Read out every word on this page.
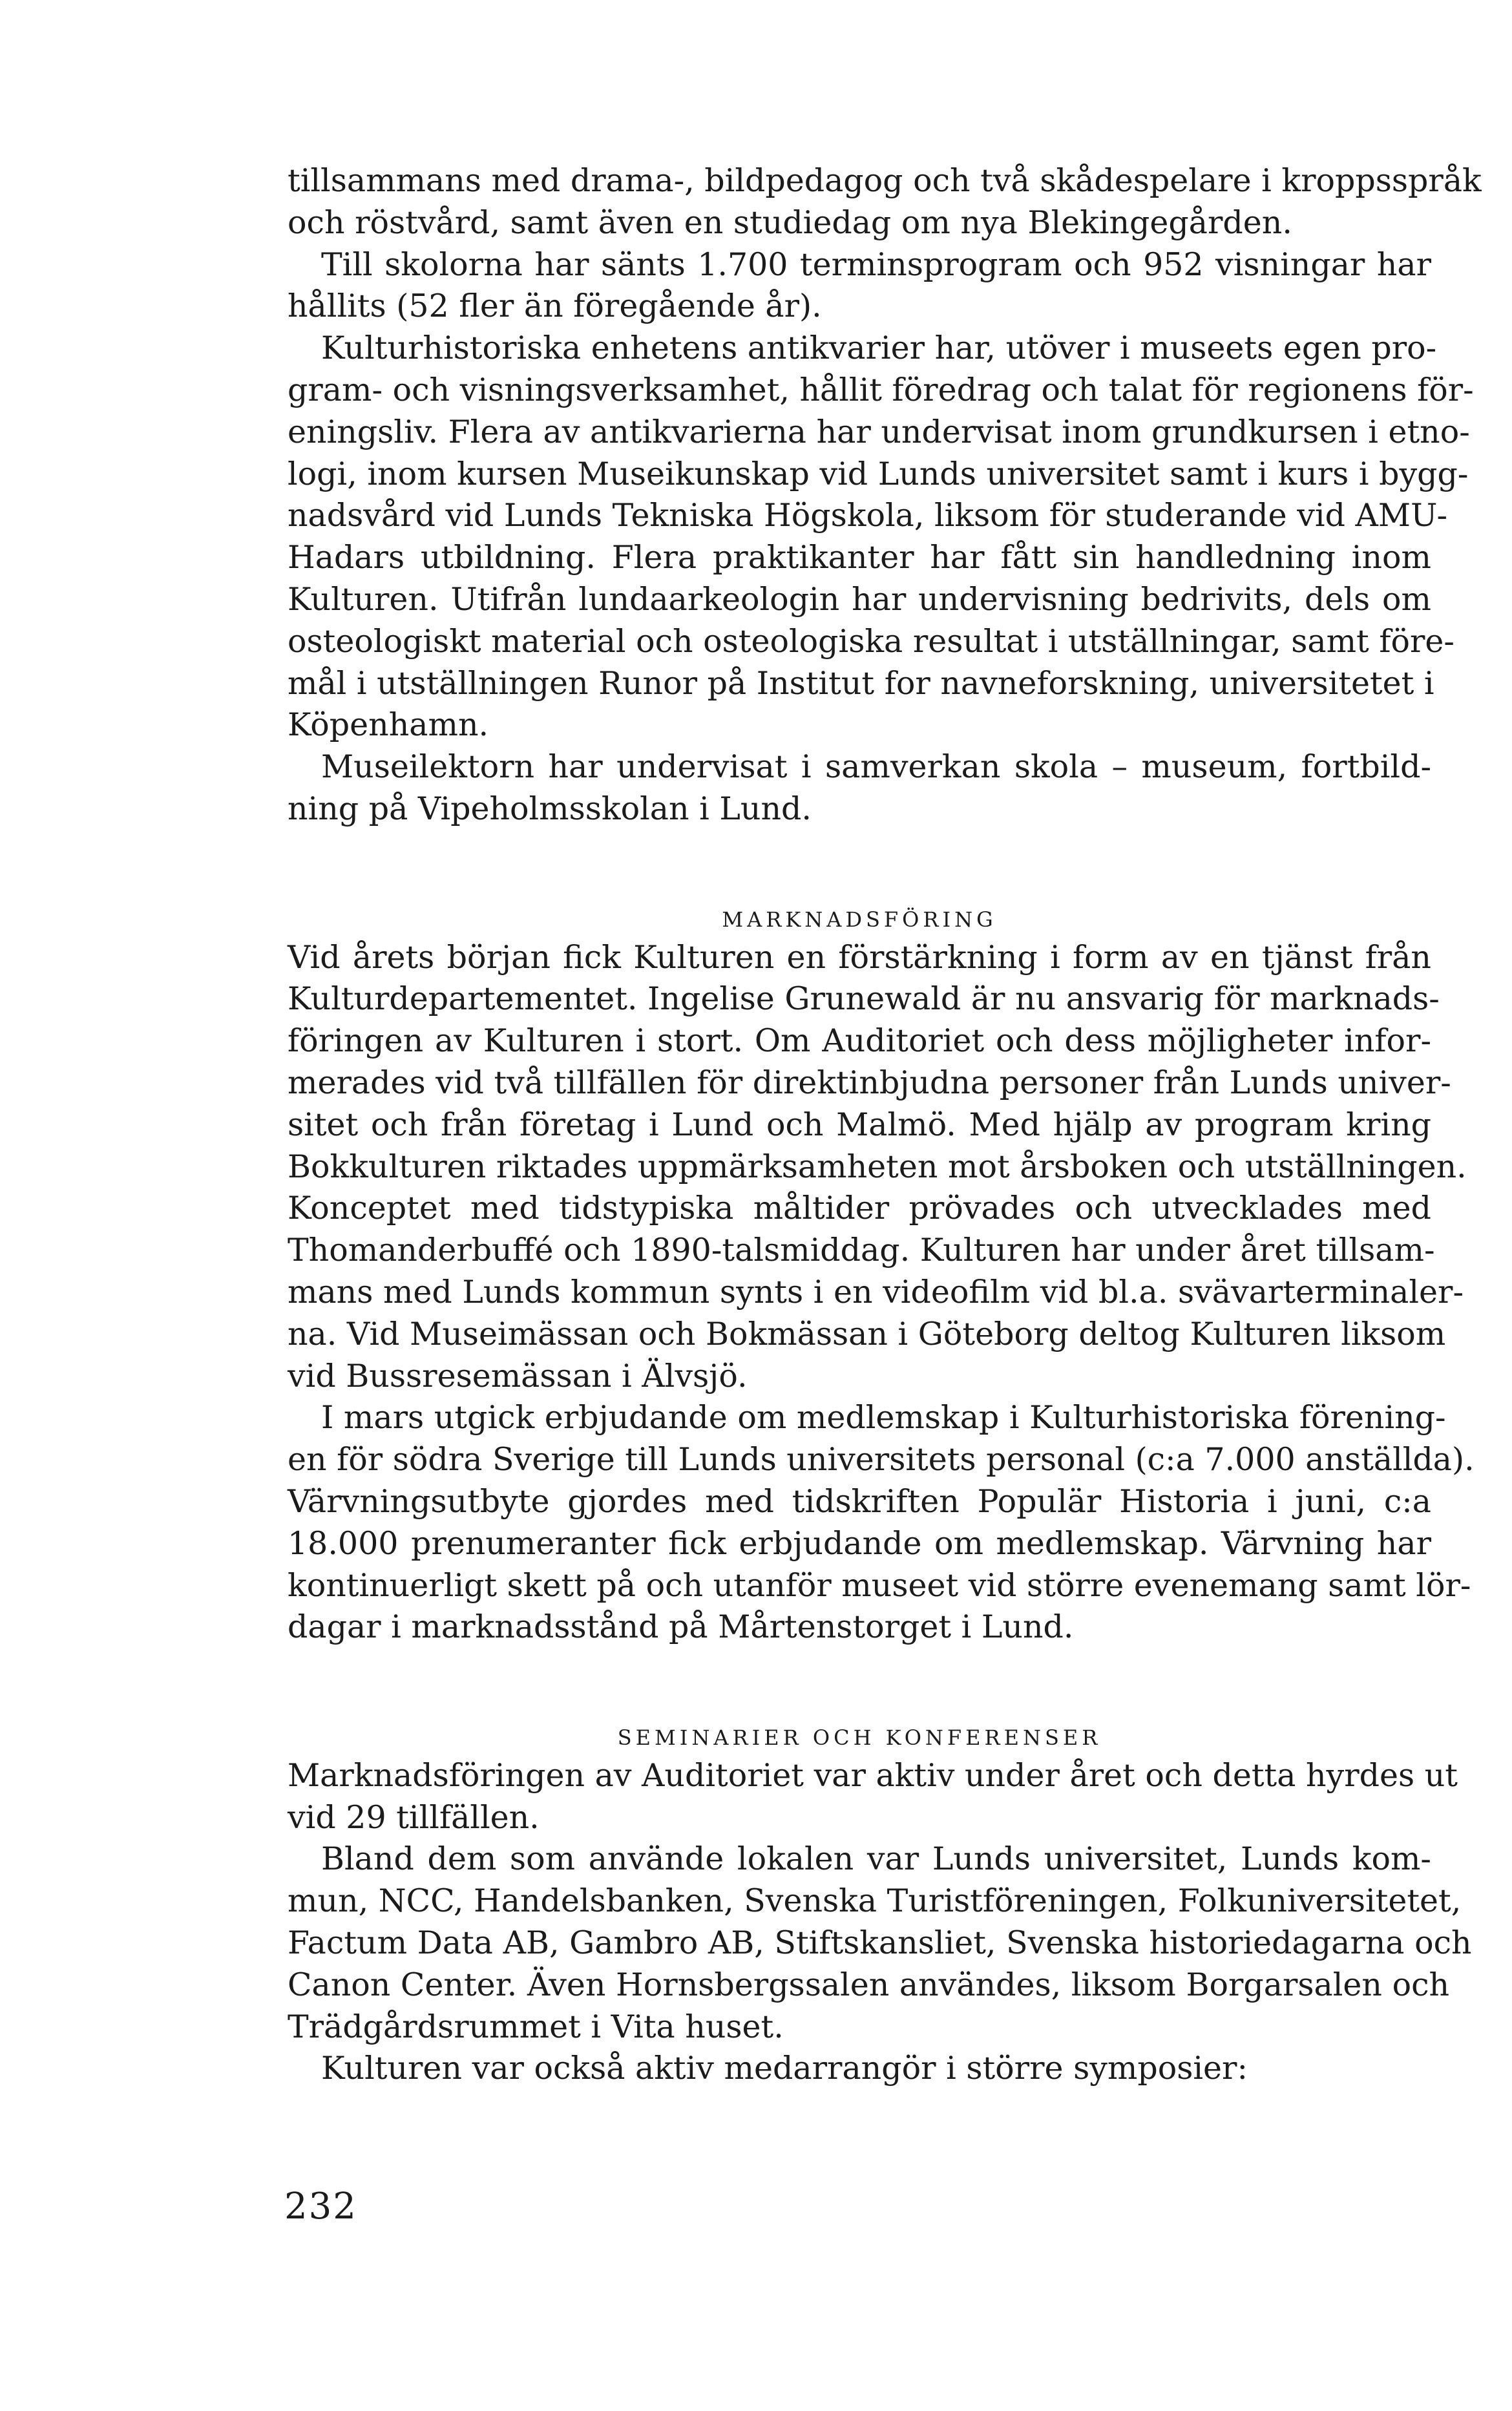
tillsammans med drama-, bildpedagog och två skådespelare i kroppsspråk
och röstvård, samt även en studiedag om nya Blekingegården.
Till skolorna har sänts 1.700 terminsprogram och 952 visningar har
hållits (52 fler än föregående år).
Kulturhistoriska enhetens antikvarier har, utöver i museets egen pro-
gram- och visningsverksamhet, hållit föredrag och talat för regionens för-
eningsliv. Flera av antikvarierna har undervisat inom grundkursen i etno-
logi, inom kursen Museikunskap vid Lunds universitet samt i kurs i bygg-
nadsvård vid Lunds Tekniska Högskola, liksom för studerande vid AMU-
Hadars utbildning. Flera praktikanter har fått sin handledning inom
Kulturen. Utifrån lundaarkeologin har undervisning bedrivits, dels om
osteologiskt material och osteologiska resultat i utställningar, samt före-
mål i utställningen Runor på Institut for navneforskning, universitetet i
Köpenhamn.
Museilektorn har undervisat i samverkan skola – museum, fortbild-
ning på Vipeholmsskolan i Lund.
MARKNADSFÖRING
Vid årets början fick Kulturen en förstärkning i form av en tjänst från
Kulturdepartementet. Ingelise Grunewald är nu ansvarig för marknads-
föringen av Kulturen i stort. Om Auditoriet och dess möjligheter infor-
merades vid två tillfällen för direktinbjudna personer från Lunds univer-
sitet och från företag i Lund och Malmö. Med hjälp av program kring
Bokkulturen riktades uppmärksamheten mot årsboken och utställningen.
Konceptet med tidstypiska måltider prövades och utvecklades med
Thomanderbuffé och 1890-talsmiddag. Kulturen har under året tillsam-
mans med Lunds kommun synts i en videofilm vid bl.a. svävarterminaler-
na. Vid Museimässan och Bokmässan i Göteborg deltog Kulturen liksom
vid Bussresemässan i Älvsjö.
I mars utgick erbjudande om medlemskap i Kulturhistoriska förening-
en för södra Sverige till Lunds universitets personal (c:a 7.000 anställda).
Värvningsutbyte gjordes med tidskriften Populär Historia i juni, c:a
18.000 prenumeranter fick erbjudande om medlemskap. Värvning har
kontinuerligt skett på och utanför museet vid större evenemang samt lör-
dagar i marknadsstånd på Mårtenstorget i Lund.
SEMINARIER OCH KONFERENSER
Marknadsföringen av Auditoriet var aktiv under året och detta hyrdes ut
vid 29 tillfällen.
Bland dem som använde lokalen var Lunds universitet, Lunds kom-
mun, NCC, Handelsbanken, Svenska Turistföreningen, Folkuniversitetet,
Factum Data AB, Gambro AB, Stiftskansliet, Svenska historiedagarna och
Canon Center. Även Hornsbergssalen användes, liksom Borgarsalen och
Trädgårdsrummet i Vita huset.
Kulturen var också aktiv medarrangör i större symposier:
232
